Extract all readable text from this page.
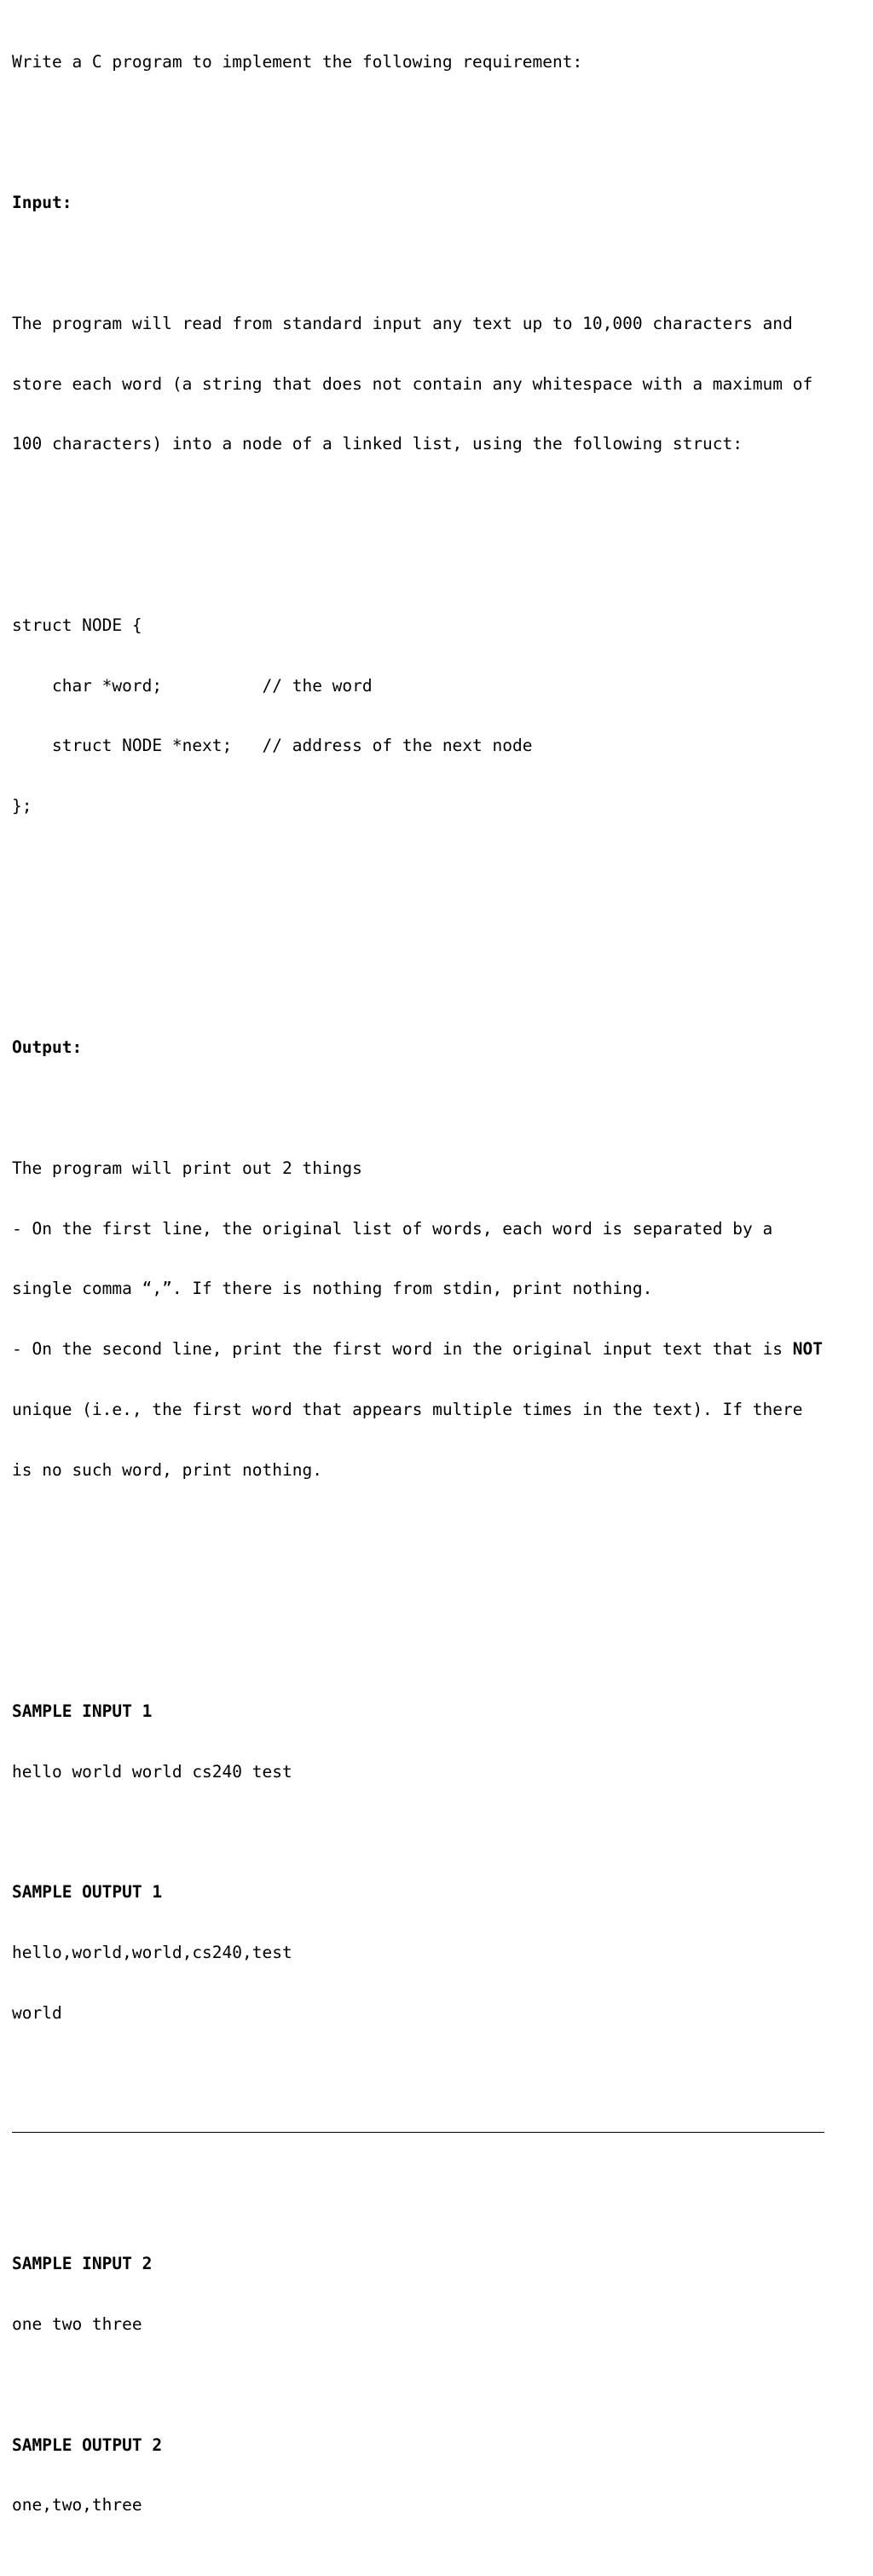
Write a C program to implement the following requirement:

Input:

The program will read from standard input any text up to 10,000 characters and

store each word (a string that does not contain any whitespace with a maximum of

100 characters) into a node of a linked list, using the following struct:

struct NODE {

char *word;          // the word

struct NODE *next;   // address of the next node

};

Output:

The program will print out 2 things

- On the first line, the original list of words, each word is separated by a

single comma “,”. If there is nothing from stdin, print nothing.

- On the second line, print the first word in the original input text that is NOT

unique (i.e., the first word that appears multiple times in the text). If there

is no such word, print nothing.

SAMPLE INPUT 1

hello world world cs240 test

SAMPLE OUTPUT 1

hello,world,world,cs240,test

world

SAMPLE INPUT 2

one two three

SAMPLE OUTPUT 2

one,two,three
